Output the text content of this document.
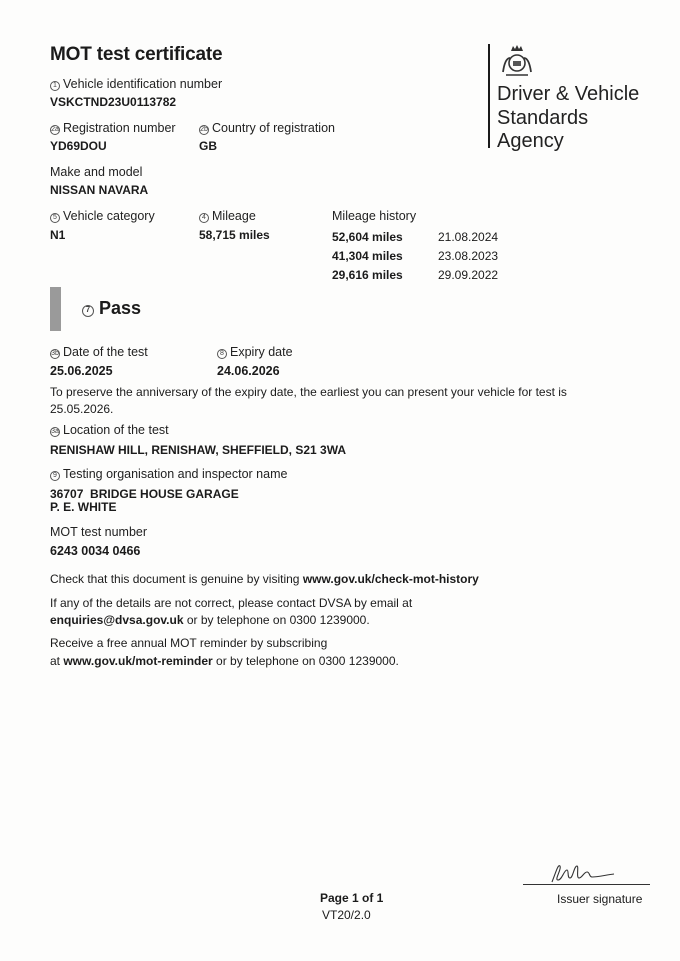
MOT test certificate
Driver & Vehicle Standards Agency
1 Vehicle identification number
VSKCTND23U0113782
2a Registration number
YD69DOU
2b Country of registration
GB
Make and model
NISSAN NAVARA
5 Vehicle category
N1
4 Mileage
58,715 miles
Mileage history
52,604 miles	21.08.2024
41,304 miles	23.08.2023
29,616 miles	29.09.2022
7 Pass
3b Date of the test
25.06.2025
8 Expiry date
24.06.2026
To preserve the anniversary of the expiry date, the earliest you can present your vehicle for test is
25.05.2026.
3a Location of the test
RENISHAW HILL, RENISHAW, SHEFFIELD, S21 3WA
9 Testing organisation and inspector name
36707  BRIDGE HOUSE GARAGE
P. E. WHITE
MOT test number
6243 0034 0466
Check that this document is genuine by visiting www.gov.uk/check-mot-history
If any of the details are not correct, please contact DVSA by email at
enquiries@dvsa.gov.uk or by telephone on 0300 1239000.
Receive a free annual MOT reminder by subscribing
at www.gov.uk/mot-reminder or by telephone on 0300 1239000.
Page 1 of 1
VT20/2.0
Issuer signature
